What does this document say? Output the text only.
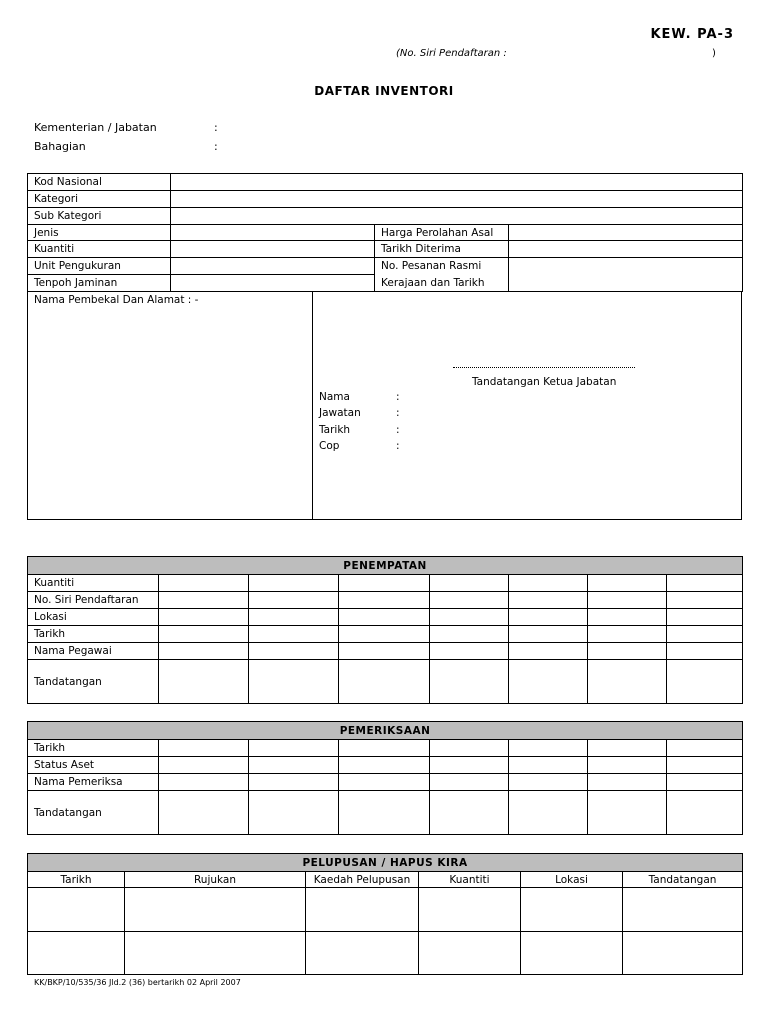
KEW. PA-3
(No. Siri Pendaftaran :	)
DAFTAR INVENTORI
Kementerian / Jabatan	:
Bahagian	:
Kod Nasional			
Kategori			
Sub Kategori			
Jenis		Harga Perolahan Asal	
Kuantiti		Tarikh Diterima	
Unit Pengukuran		No. Pesanan Rasmi	
Tenpoh Jaminan		Kerajaan dan Tarikh	
Nama Pembekal Dan Alamat : -
Tandatangan Ketua Jabatan
Nama	:
Jawatan	:
Tarikh	:
Cop	:
PENEMPATAN							
Kuantiti							
No. Siri Pendaftaran							
Lokasi							
Tarikh							
Nama Pegawai							
Tandatangan							
PEMERIKSAAN							
Tarikh							
Status Aset							
Nama Pemeriksa							
Tandatangan							
PELUPUSAN / HAPUS KIRA					
Tarikh	Rujukan	Kaedah Pelupusan	Kuantiti	Lokasi	Tandatangan

KK/BKP/10/535/36 Jld.2 (36) bertarikh 02 April 2007
